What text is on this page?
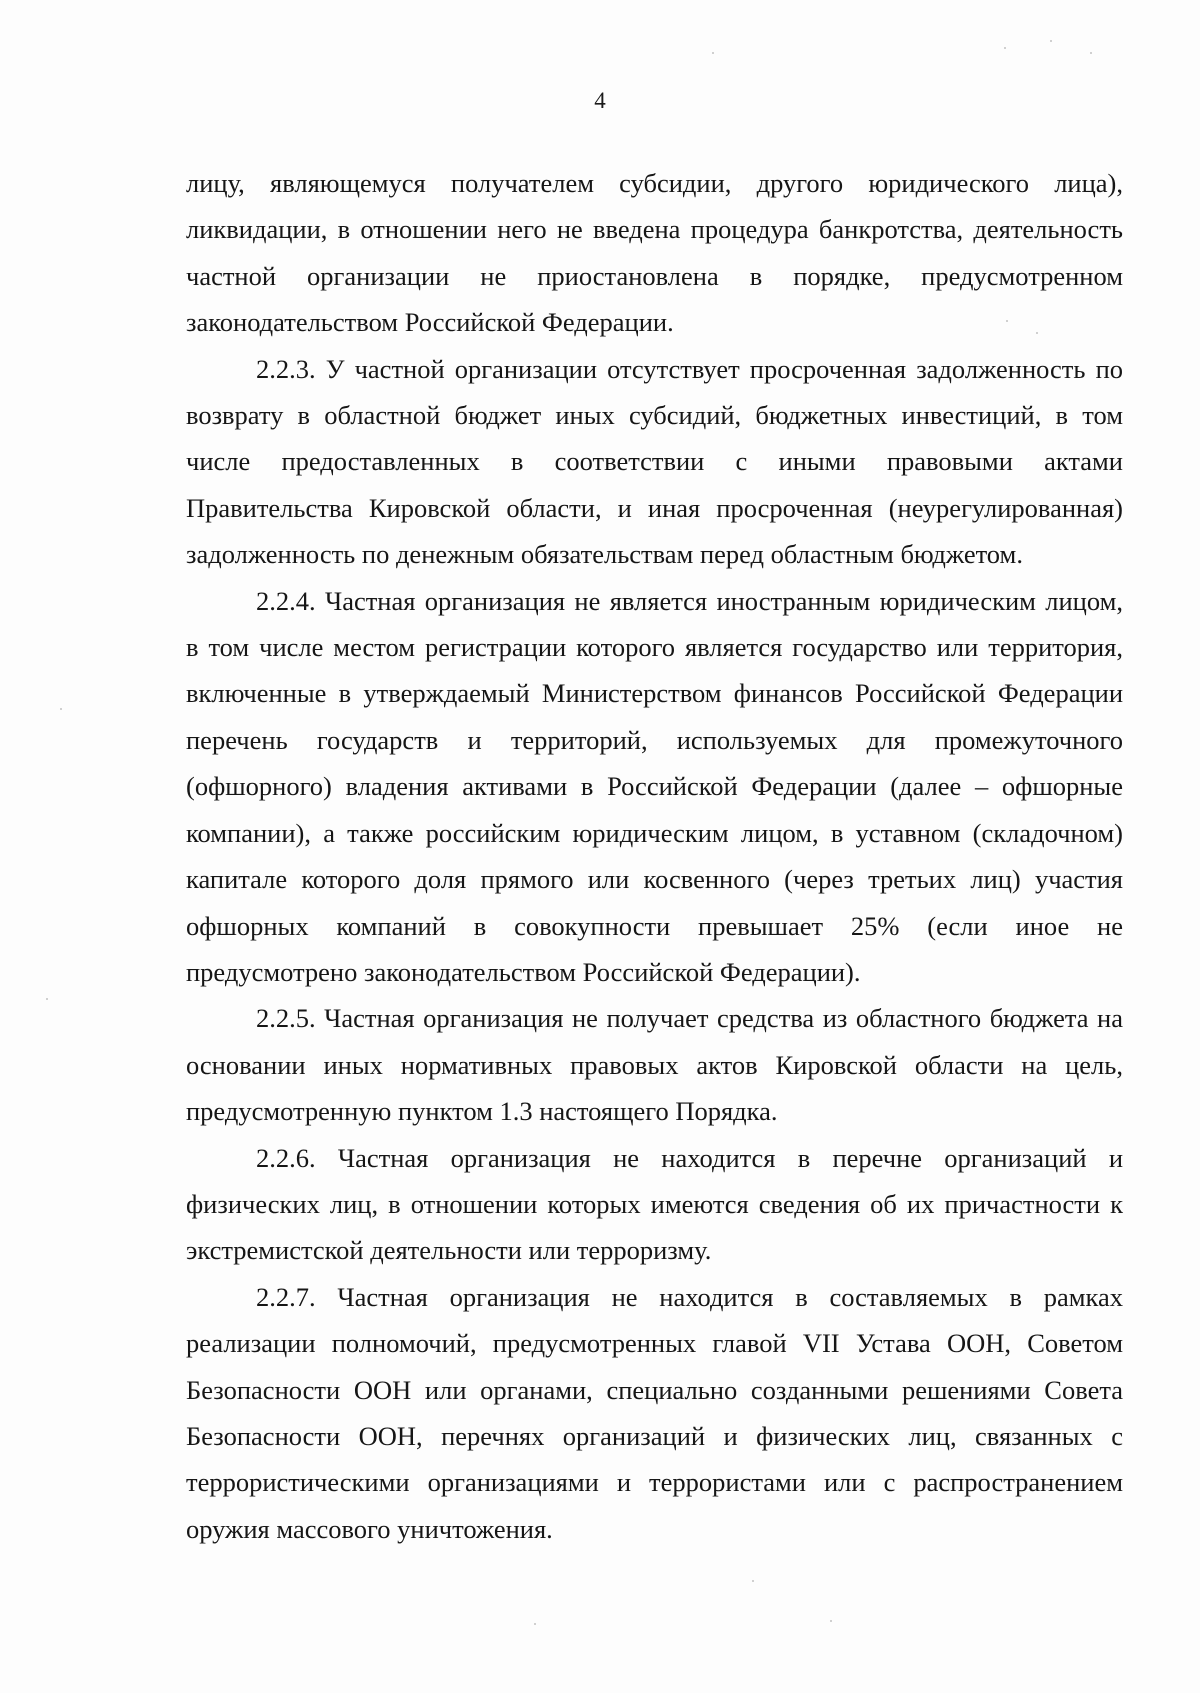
4

лицу, являющемуся получателем субсидии, другого юридического лица), ликвидации, в отношении него не введена процедура банкротства, деятельность частной организации не приостановлена в порядке, предусмотренном законодательством Российской Федерации.

2.2.3. У частной организации отсутствует просроченная задолженность по возврату в областной бюджет иных субсидий, бюджетных инвестиций, в том числе предоставленных в соответствии с иными правовыми актами Правительства Кировской области, и иная просроченная (неурегулированная) задолженность по денежным обязательствам перед областным бюджетом.

2.2.4. Частная организация не является иностранным юридическим лицом, в том числе местом регистрации которого является государство или территория, включенные в утверждаемый Министерством финансов Российской Федерации перечень государств и территорий, используемых для промежуточного (офшорного) владения активами в Российской Федерации (далее – офшорные компании), а также российским юридическим лицом, в уставном (складочном) капитале которого доля прямого или косвенного (через третьих лиц) участия офшорных компаний в совокупности превышает 25% (если иное не предусмотрено законодательством Российской Федерации).

2.2.5. Частная организация не получает средства из областного бюджета на основании иных нормативных правовых актов Кировской области на цель, предусмотренную пунктом 1.3 настоящего Порядка.

2.2.6. Частная организация не находится в перечне организаций и физических лиц, в отношении которых имеются сведения об их причастности к экстремистской деятельности или терроризму.

2.2.7. Частная организация не находится в составляемых в рамках реализации полномочий, предусмотренных главой VII Устава ООН, Советом Безопасности ООН или органами, специально созданными решениями Совета Безопасности ООН, перечнях организаций и физических лиц, связанных с террористическими организациями и террористами или с распространением оружия массового уничтожения.
